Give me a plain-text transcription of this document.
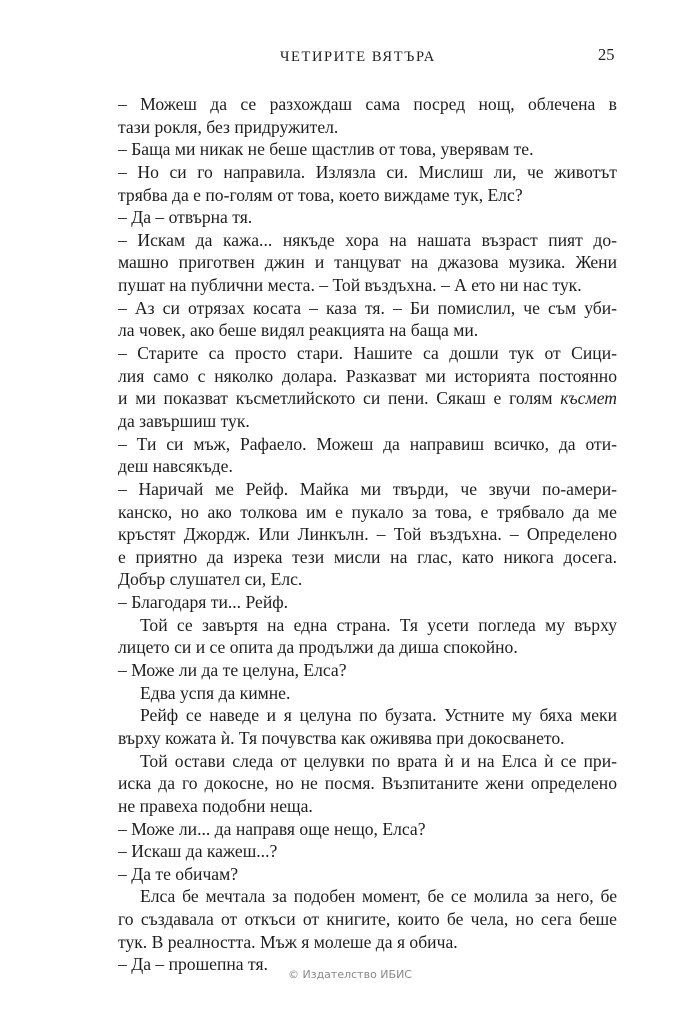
ЧЕТИРИТЕ ВЯТЪРА	25
– Можеш да се разхождаш сама посред нощ, облечена в
тази рокля, без придружител.
– Баща ми никак не беше щастлив от това, уверявам те.
– Но си го направила. Излязла си. Мислиш ли, че животът
трябва да е по-голям от това, което виждаме тук, Елс?
– Да – отвърна тя.
– Искам да кажа... някъде хора на нашата възраст пият до-
машно приготвен джин и танцуват на джазова музика. Жени
пушат на публични места. – Той въздъхна. – А ето ни нас тук.
– Аз си отрязах косата – каза тя. – Би помислил, че съм уби-
ла човек, ако беше видял реакцията на баща ми.
– Старите са просто стари. Нашите са дошли тук от Сици-
лия само с няколко долара. Разказват ми историята постоянно
и ми показват късметлийското си пени. Сякаш е голям късмет
да завършиш тук.
– Ти си мъж, Рафаело. Можеш да направиш всичко, да оти-
деш навсякъде.
– Наричай ме Рейф. Майка ми твърди, че звучи по-амери-
канско, но ако толкова им е пукало за това, е трябвало да ме
кръстят Джордж. Или Линкълн. – Той въздъхна. – Определено
е приятно да изрека тези мисли на глас, като никога досега.
Добър слушател си, Елс.
– Благодаря ти... Рейф.
Той се завъртя на една страна. Тя усети погледа му върху
лицето си и се опита да продължи да диша спокойно.
– Може ли да те целуна, Елса?
Едва успя да кимне.
Рейф се наведе и я целуна по бузата. Устните му бяха меки
върху кожата ѝ. Тя почувства как оживява при докосването.
Той остави следа от целувки по врата ѝ и на Елса ѝ се при-
иска да го докосне, но не посмя. Възпитаните жени определено
не правеха подобни неща.
– Може ли... да направя още нещо, Елса?
– Искаш да кажеш...?
– Да те обичам?
Елса бе мечтала за подобен момент, бе се молила за него, бе
го създавала от откъси от книгите, които бе чела, но сега беше
тук. В реалността. Мъж я молеше да я обича.
– Да – прошепна тя.
© Издателство ИБИС
